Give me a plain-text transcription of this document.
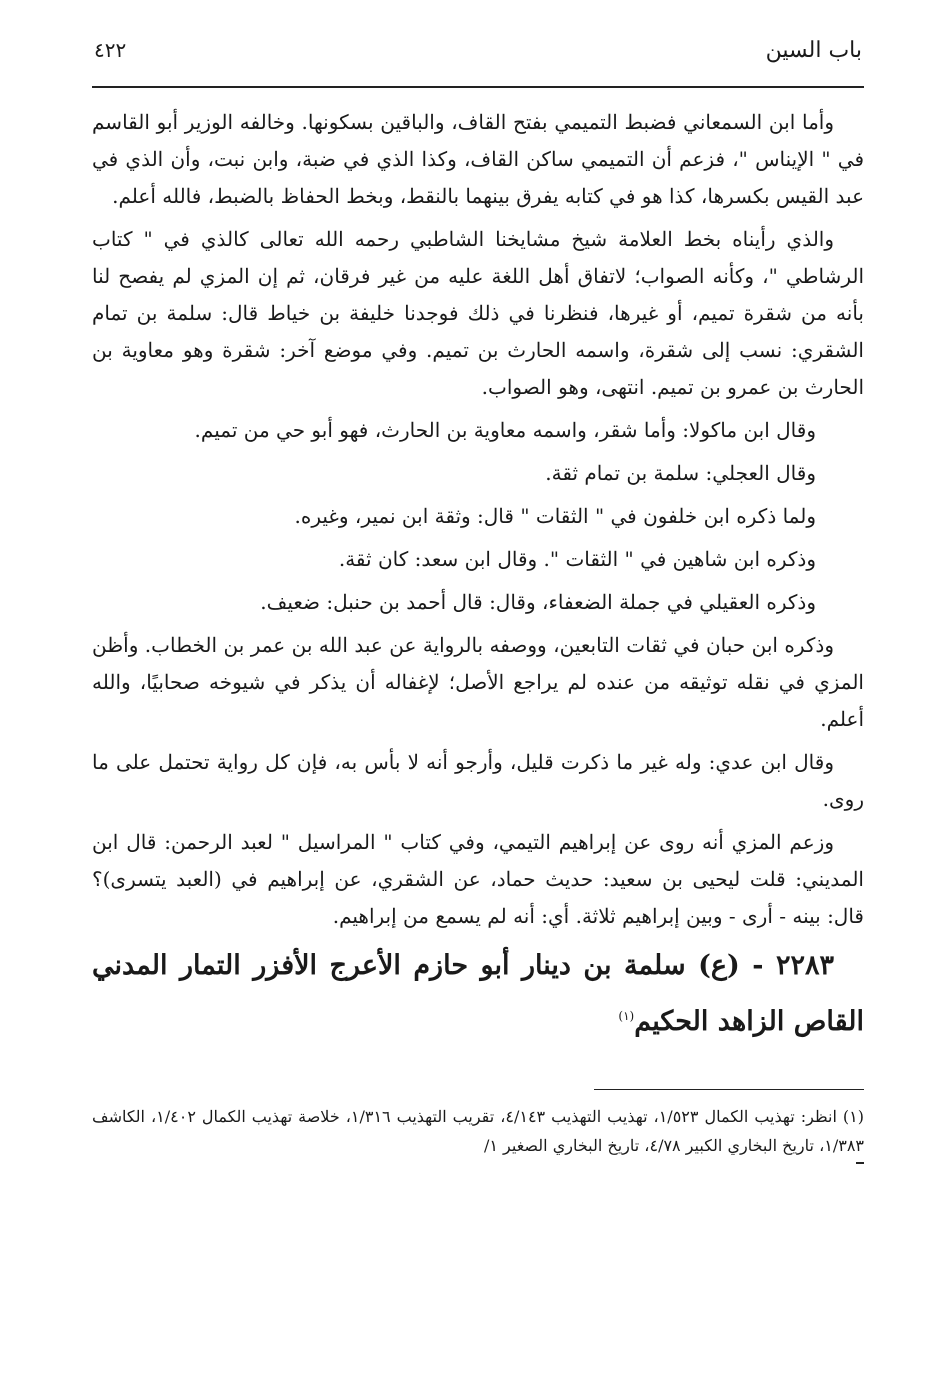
باب السين
٤٢٢

وأما ابن السمعاني فضبط التميمي بفتح القاف، والباقين بسكونها. وخالفه الوزير أبو القاسم في " الإيناس "، فزعم أن التميمي ساكن القاف، وكذا الذي في ضبة، وابن نبت، وأن الذي في عبد القيس بكسرها، كذا هو في كتابه يفرق بينهما بالنقط، وبخط الحفاظ بالضبط، فالله أعلم.

والذي رأيناه بخط العلامة شيخ مشايخنا الشاطبي رحمه الله تعالى كالذي في " كتاب الرشاطي "، وكأنه الصواب؛ لاتفاق أهل اللغة عليه من غير فرقان، ثم إن المزي لم يفصح لنا بأنه من شقرة تميم، أو غيرها، فنظرنا في ذلك فوجدنا خليفة بن خياط قال: سلمة بن تمام الشقري: نسب إلى شقرة، واسمه الحارث بن تميم. وفي موضع آخر: شقرة وهو معاوية بن الحارث بن عمرو بن تميم. انتهى، وهو الصواب.

وقال ابن ماكولا: وأما شقر، واسمه معاوية بن الحارث، فهو أبو حي من تميم.

وقال العجلي: سلمة بن تمام ثقة.

ولما ذكره ابن خلفون في " الثقات " قال: وثقة ابن نمير، وغيره.

وذكره ابن شاهين في " الثقات ". وقال ابن سعد: كان ثقة.

وذكره العقيلي في جملة الضعفاء، وقال: قال أحمد بن حنبل: ضعيف.

وذكره ابن حبان في ثقات التابعين، ووصفه بالرواية عن عبد الله بن عمر بن الخطاب. وأظن المزي في نقله توثيقه من عنده لم يراجع الأصل؛ لإغفاله أن يذكر في شيوخه صحابيًا، والله أعلم.

وقال ابن عدي: وله غير ما ذكرت قليل، وأرجو أنه لا بأس به، فإن كل رواية تحتمل على ما روى.

وزعم المزي أنه روى عن إبراهيم التيمي، وفي كتاب " المراسيل " لعبد الرحمن: قال ابن المديني: قلت ليحيى بن سعيد: حديث حماد، عن الشقري، عن إبراهيم في (العبد يتسرى)؟ قال: بينه - أرى - وبين إبراهيم ثلاثة. أي: أنه لم يسمع من إبراهيم.

٢٢٨٣ - (ع) سلمة بن دينار أبو حازم الأعرج الأفزر التمار المدني القاص الزاهد الحكيم$^{(١)}$
(١) انظر: تهذيب الكمال ١/٥٢٣، تهذيب التهذيب ٤/١٤٣، تقريب التهذيب ١/٣١٦، خلاصة تهذيب الكمال ١/٤٠٢، الكاشف ١/٣٨٣، تاريخ البخاري الكبير ٤/٧٨، تاريخ البخاري الصغير ١/
